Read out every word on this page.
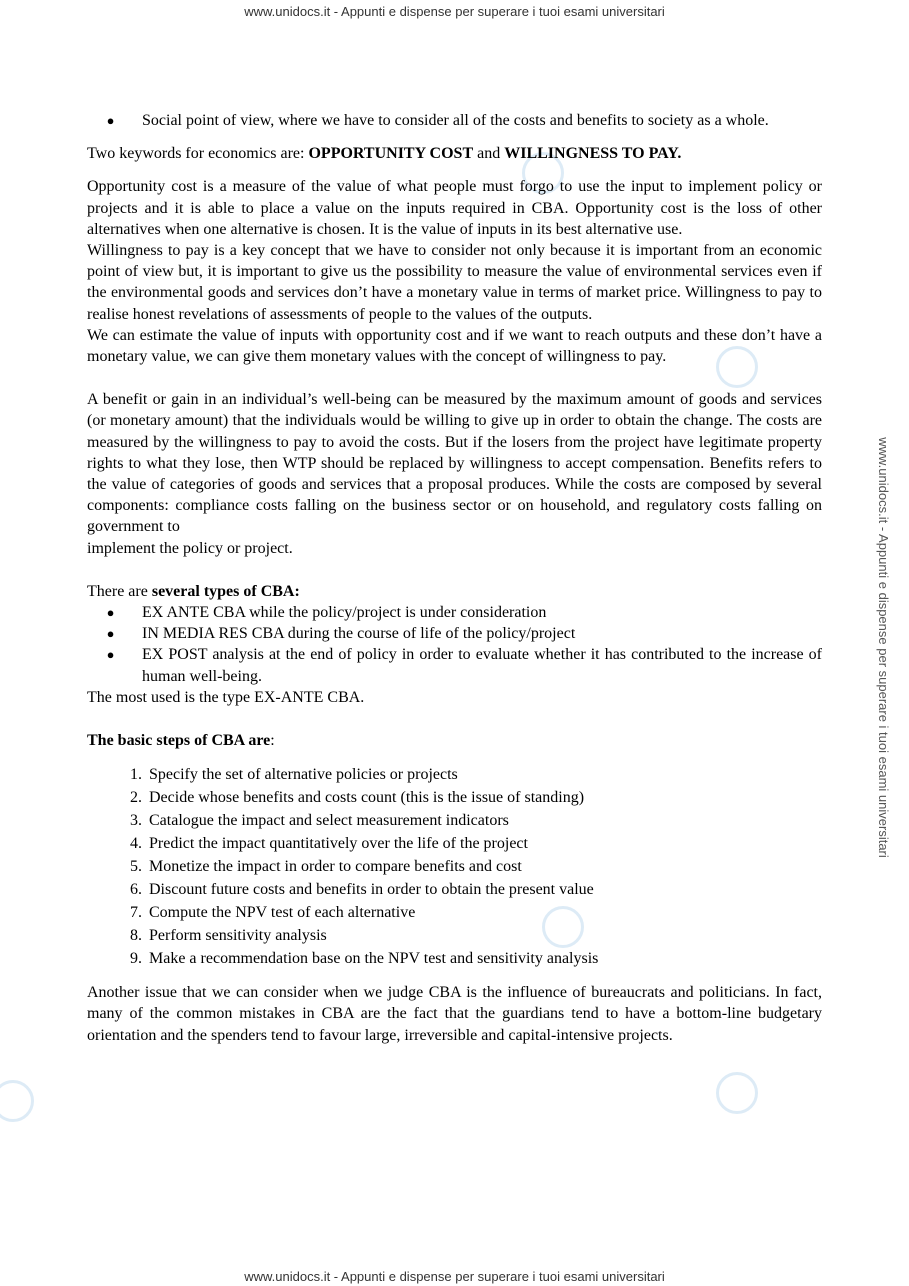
www.unidocs.it - Appunti e dispense per superare i tuoi esami universitari
www.unidocs.it - Appunti e dispense per superare i tuoi esami universitari
●	Social point of view, where we have to consider all of the costs and benefits to society as a whole.

Two keywords for economics are: OPPORTUNITY COST and WILLINGNESS TO PAY.

Opportunity cost is a measure of the value of what people must forgo to use the input to implement policy or projects and it is able to place a value on the inputs required in CBA. Opportunity cost is the loss of other alternatives when one alternative is chosen. It is the value of inputs in its best alternative use.

Willingness to pay is a key concept that we have to consider not only because it is important from an economic point of view but, it is important to give us the possibility to measure the value of environmental services even if the environmental goods and services don’t have a monetary value in terms of market price. Willingness to pay to realise honest revelations of assessments of people to the values of the outputs.

We can estimate the value of inputs with opportunity cost and if we want to reach outputs and these don’t have a monetary value, we can give them monetary values with the concept of willingness to pay.

A benefit or gain in an individual’s well-being can be measured by the maximum amount of goods and services (or monetary amount) that the individuals would be willing to give up in order to obtain the change. The costs are measured by the willingness to pay to avoid the costs. But if the losers from the project have legitimate property rights to what they lose, then WTP should be replaced by willingness to accept compensation. Benefits refers to the value of categories of goods and services that a proposal produces. While the costs are composed by several components: compliance costs falling on the business sector or on household, and regulatory costs falling on government to

implement the policy or project.

There are several types of CBA:

●	EX ANTE CBA while the policy/project is under consideration
●	IN MEDIA RES CBA during the course of life of the policy/project
●	EX POST analysis at the end of policy in order to evaluate whether it has contributed to the increase of human well-being.

The most used is the type EX-ANTE CBA.

The basic steps of CBA are:

1. Specify the set of alternative policies or projects
2. Decide whose benefits and costs count (this is the issue of standing)
3. Catalogue the impact and select measurement indicators
4. Predict the impact quantitatively over the life of the project
5. Monetize the impact in order to compare benefits and cost
6. Discount future costs and benefits in order to obtain the present value
7. Compute the NPV test of each alternative
8. Perform sensitivity analysis
9. Make a recommendation base on the NPV test and sensitivity analysis

Another issue that we can consider when we judge CBA is the influence of bureaucrats and politicians. In fact, many of the common mistakes in CBA are the fact that the guardians tend to have a bottom-line budgetary orientation and the spenders tend to favour large, irreversible and capital-intensive projects.

www.unidocs.it - Appunti e dispense per superare i tuoi esami universitari
